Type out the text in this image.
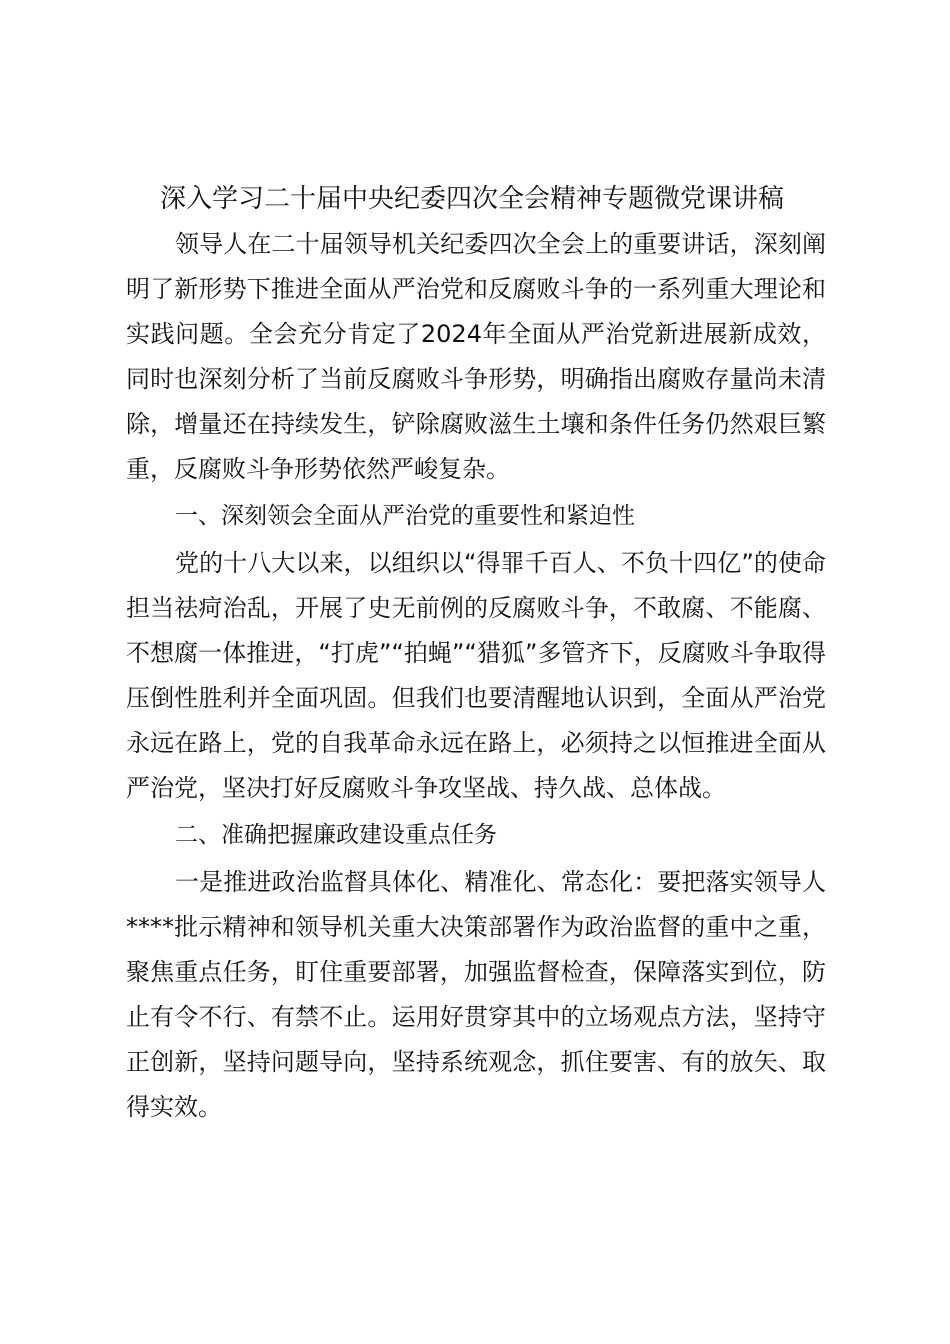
深入学习二十届中央纪委四次全会精神专题微党课讲稿

领导人在二十届领导机关纪委四次全会上的重要讲话，深刻阐明了新形势下推进全面从严治党和反腐败斗争的一系列重大理论和实践问题。全会充分肯定了2024年全面从严治党新进展新成效，同时也深刻分析了当前反腐败斗争形势，明确指出腐败存量尚未清除，增量还在持续发生，铲除腐败滋生土壤和条件任务仍然艰巨繁重，反腐败斗争形势依然严峻复杂。

一、深刻领会全面从严治党的重要性和紧迫性

党的十八大以来，以组织以“得罪千百人、不负十四亿”的使命担当祛疴治乱，开展了史无前例的反腐败斗争，不敢腐、不能腐、不想腐一体推进，“打虎”“拍蝇”“猎狐”多管齐下，反腐败斗争取得压倒性胜利并全面巩固。但我们也要清醒地认识到，全面从严治党永远在路上，党的自我革命永远在路上，必须持之以恒推进全面从严治党，坚决打好反腐败斗争攻坚战、持久战、总体战。

二、准确把握廉政建设重点任务

一是推进政治监督具体化、精准化、常态化：要把落实领导人****批示精神和领导机关重大决策部署作为政治监督的重中之重，聚焦重点任务，盯住重要部署，加强监督检查，保障落实到位，防止有令不行、有禁不止。运用好贯穿其中的立场观点方法，坚持守正创新，坚持问题导向，坚持系统观念，抓住要害、有的放矢、取得实效。
